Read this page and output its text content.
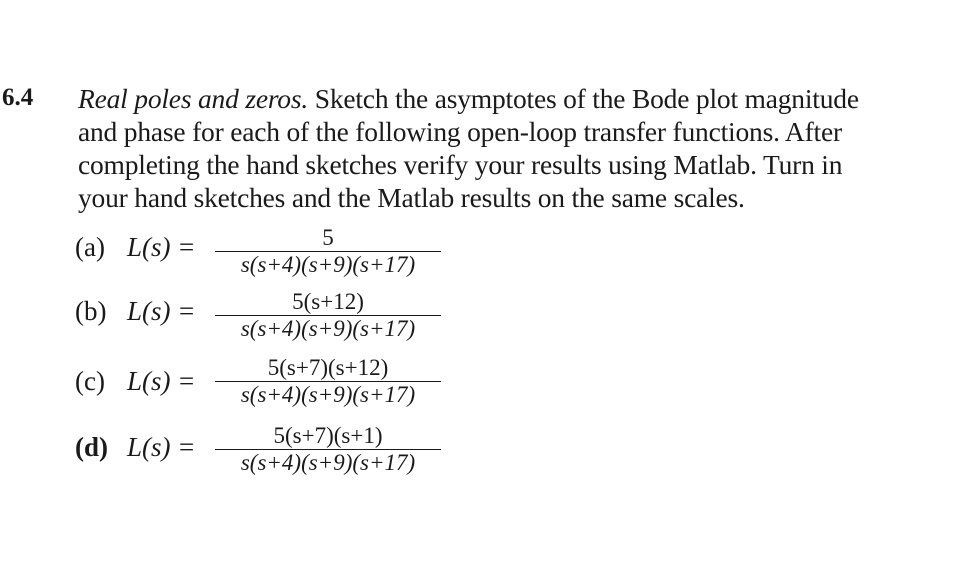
6.4 Real poles and zeros. Sketch the asymptotes of the Bode plot magnitude
and phase for each of the following open-loop transfer functions. After
completing the hand sketches verify your results using Matlab. Turn in
your hand sketches and the Matlab results on the same scales.
(a) $L(s) = \frac{5}{s(s+4)(s+9)(s+17)}$
(b) $L(s) = \frac{5(s+12)}{s(s+4)(s+9)(s+17)}$
(c) $L(s) = \frac{5(s+7)(s+12)}{s(s+4)(s+9)(s+17)}$
(d) $L(s) = \frac{5(s+7)(s+1)}{s(s+4)(s+9)(s+17)}$
